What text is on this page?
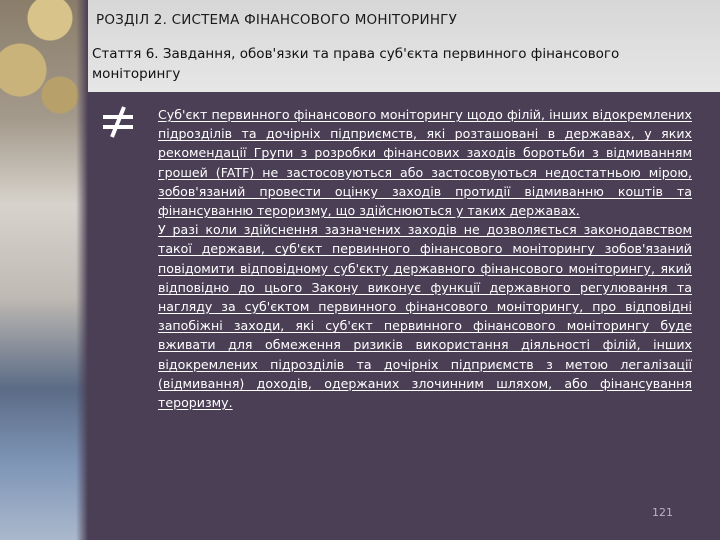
РОЗДІЛ 2. СИСТЕМА ФІНАНСОВОГО МОНІТОРИНГУ
Стаття 6. Завдання, обов'язки та права суб'єкта первинного фінансового моніторингу

Суб'єкт первинного фінансового моніторингу щодо філій, інших відокремлених підрозділів та дочірніх підприємств, які розташовані в державах, у яких рекомендації Групи з розробки фінансових заходів боротьби з відмиванням грошей (FATF) не застосовуються або застосовуються недостатньою мірою, зобов'язаний провести оцінку заходів протидії відмиванню коштів та фінансуванню тероризму, що здійснюються у таких державах.

У разі коли здійснення зазначених заходів не дозволяється законодавством такої держави, суб'єкт первинного фінансового моніторингу зобов'язаний повідомити відповідному суб'єкту державного фінансового моніторингу, який відповідно до цього Закону виконує функції державного регулювання та нагляду за суб'єктом первинного фінансового моніторингу, про відповідні запобіжні заходи, які суб'єкт первинного фінансового моніторингу буде вживати для обмеження ризиків використання діяльності філій, інших відокремлених підрозділів та дочірніх підприємств з метою легалізації (відмивання) доходів, одержаних злочинним шляхом, або фінансування тероризму.

121
